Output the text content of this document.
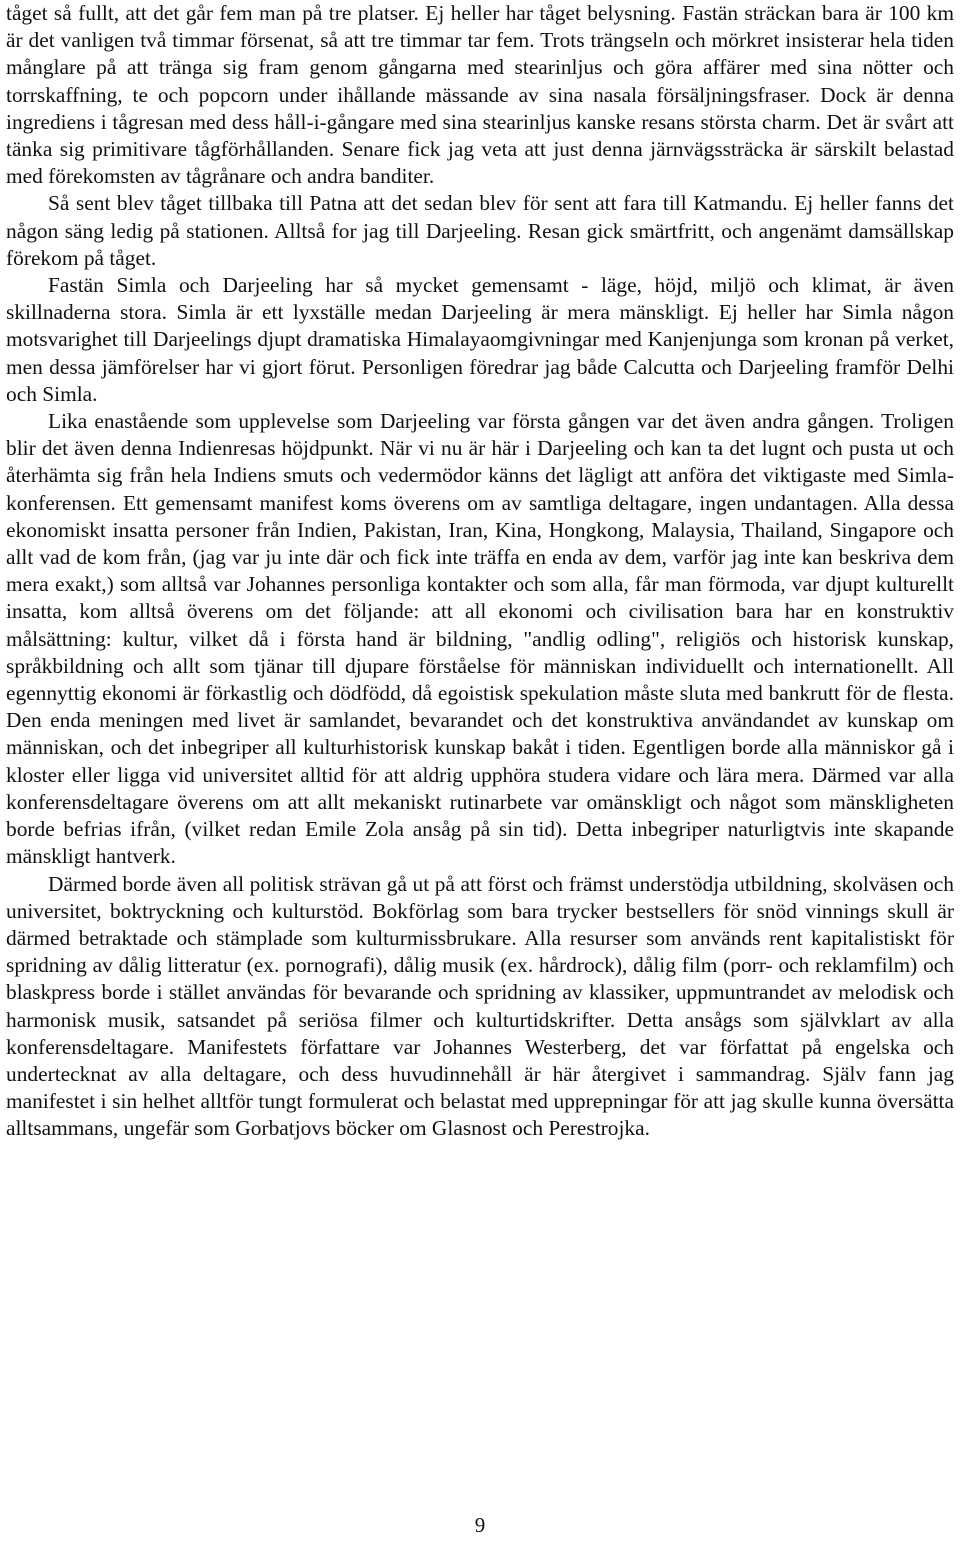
tåget så fullt, att det går fem man på tre platser. Ej heller har tåget belysning. Fastän sträckan bara är 100 km är det vanligen två timmar försenat, så att tre timmar tar fem. Trots trängseln och mörkret insisterar hela tiden månglare på att tränga sig fram genom gångarna med stearinljus och göra affärer med sina nötter och torrskaffning, te och popcorn under ihållande mässande av sina nasala försäljningsfraser. Dock är denna ingrediens i tågresan med dess håll-i-gångare med sina stearinljus kanske resans största charm. Det är svårt att tänka sig primitivare tågförhållanden. Senare fick jag veta att just denna järnvägssträcka är särskilt belastad med förekomsten av tågrånare och andra banditer.

Så sent blev tåget tillbaka till Patna att det sedan blev för sent att fara till Katmandu. Ej heller fanns det någon säng ledig på stationen. Alltså for jag till Darjeeling. Resan gick smärtfritt, och angenämt damsällskap förekom på tåget.

Fastän Simla och Darjeeling har så mycket gemensamt - läge, höjd, miljö och klimat, är även skillnaderna stora. Simla är ett lyxställe medan Darjeeling är mera mänskligt. Ej heller har Simla någon motsvarighet till Darjeelings djupt dramatiska Himalayaomgivningar med Kanjenjunga som kronan på verket, men dessa jämförelser har vi gjort förut. Personligen föredrar jag både Calcutta och Darjeeling framför Delhi och Simla.

Lika enastående som upplevelse som Darjeeling var första gången var det även andra gången. Troligen blir det även denna Indienresas höjdpunkt. När vi nu är här i Darjeeling och kan ta det lugnt och pusta ut och återhämta sig från hela Indiens smuts och vedermödor känns det lägligt att anföra det viktigaste med Simla-konferensen. Ett gemensamt manifest koms överens om av samtliga deltagare, ingen undantagen. Alla dessa ekonomiskt insatta personer från Indien, Pakistan, Iran, Kina, Hongkong, Malaysia, Thailand, Singapore och allt vad de kom från, (jag var ju inte där och fick inte träffa en enda av dem, varför jag inte kan beskriva dem mera exakt,) som alltså var Johannes personliga kontakter och som alla, får man förmoda, var djupt kulturellt insatta, kom alltså överens om det följande: att all ekonomi och civilisation bara har en konstruktiv målsättning: kultur, vilket då i första hand är bildning, "andlig odling", religiös och historisk kunskap, språkbildning och allt som tjänar till djupare förståelse för människan individuellt och internationellt. All egennyttig ekonomi är förkastlig och dödfödd, då egoistisk spekulation måste sluta med bankrutt för de flesta. Den enda meningen med livet är samlandet, bevarandet och det konstruktiva användandet av kunskap om människan, och det inbegriper all kulturhistorisk kunskap bakåt i tiden. Egentligen borde alla människor gå i kloster eller ligga vid universitet alltid för att aldrig upphöra studera vidare och lära mera. Därmed var alla konferensdeltagare överens om att allt mekaniskt rutinarbete var omänskligt och något som mänskligheten borde befrias ifrån, (vilket redan Emile Zola ansåg på sin tid). Detta inbegriper naturligtvis inte skapande mänskligt hantverk.

Därmed borde även all politisk strävan gå ut på att först och främst understödja utbildning, skolväsen och universitet, boktryckning och kulturstöd. Bokförlag som bara trycker bestsellers för snöd vinnings skull är därmed betraktade och stämplade som kulturmissbrukare. Alla resurser som används rent kapitalistiskt för spridning av dålig litteratur (ex. pornografi), dålig musik (ex. hårdrock), dålig film (porr- och reklamfilm) och blaskpress borde i stället användas för bevarande och spridning av klassiker, uppmuntrandet av melodisk och harmonisk musik, satsandet på seriösa filmer och kulturtidskrifter. Detta ansågs som självklart av alla konferensdeltagare. Manifestets författare var Johannes Westerberg, det var författat på engelska och undertecknat av alla deltagare, och dess huvudinnehåll är här återgivet i sammandrag. Själv fann jag manifestet i sin helhet alltför tungt formulerat och belastat med upprepningar för att jag skulle kunna översätta alltsammans, ungefär som Gorbatjovs böcker om Glasnost och Perestrojka.

9
